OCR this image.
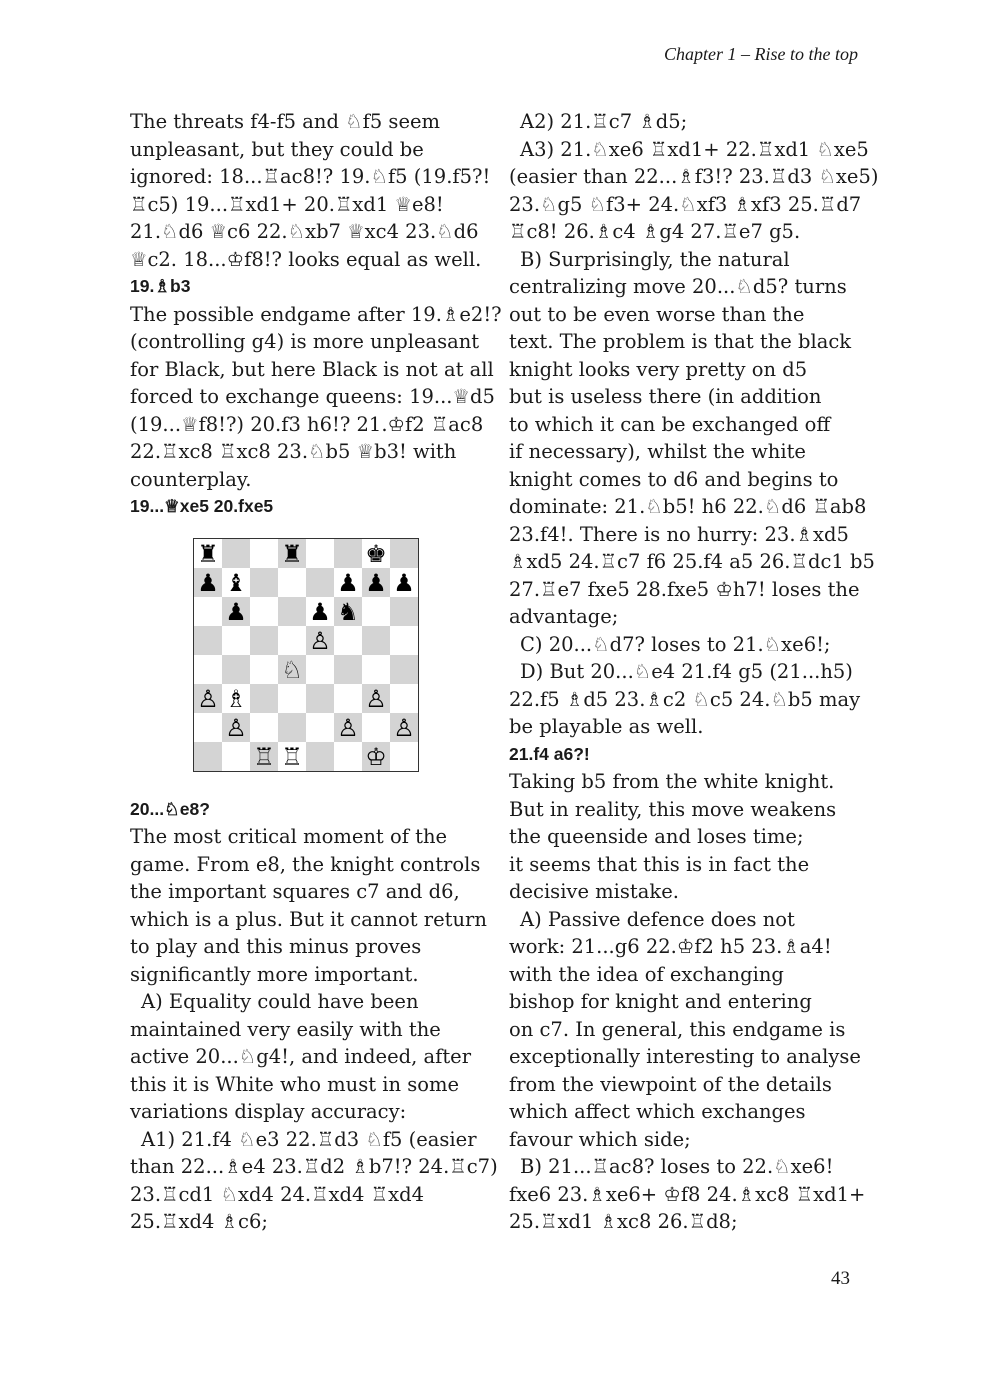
Chapter 1 – Rise to the top
The threats f4-f5 and ♘f5 seem
unpleasant, but they could be
ignored: 18...♖ac8!? 19.♘f5 (19.f5?!
♖c5) 19...♖xd1+ 20.♖xd1 ♕e8!
21.♘d6 ♕c6 22.♘xb7 ♕xc4 23.♘d6
♕c2. 18...♔f8!? looks equal as well.
19.♗b3
The possible endgame after 19.♗e2!?
(controlling g4) is more unpleasant
for Black, but here Black is not at all
forced to exchange queens: 19...♕d5
(19...♕f8!?) 20.f3 h6!? 21.♔f2 ♖ac8
22.♖xc8 ♖xc8 23.♘b5 ♕b3! with
counterplay.
19...♕xe5 20.fxe5
20...♘e8?
The most critical moment of the
game. From e8, the knight controls
the important squares c7 and d6,
which is a plus. But it cannot return
to play and this minus proves
significantly more important.
A) Equality could have been
maintained very easily with the
active 20...♘g4!, and indeed, after
this it is White who must in some
variations display accuracy:
A1) 21.f4 ♘e3 22.♖d3 ♘f5 (easier
than 22...♗e4 23.♖d2 ♗b7!? 24.♖c7)
23.♖cd1 ♘xd4 24.♖xd4 ♖xd4
25.♖xd4 ♗c6;
A2) 21.♖c7 ♗d5;
A3) 21.♘xe6 ♖xd1+ 22.♖xd1 ♘xe5
(easier than 22...♗f3!? 23.♖d3 ♘xe5)
23.♘g5 ♘f3+ 24.♘xf3 ♗xf3 25.♖d7
♖c8! 26.♗c4 ♗g4 27.♖e7 g5.
B) Surprisingly, the natural
centralizing move 20...♘d5? turns
out to be even worse than the
text. The problem is that the black
knight looks very pretty on d5
but is useless there (in addition
to which it can be exchanged off
if necessary), whilst the white
knight comes to d6 and begins to
dominate: 21.♘b5! h6 22.♘d6 ♖ab8
23.f4!. There is no hurry: 23.♗xd5
♗xd5 24.♖c7 f6 25.f4 a5 26.♖dc1 b5
27.♖e7 fxe5 28.fxe5 ♔h7! loses the
advantage;
C) 20...♘d7? loses to 21.♘xe6!;
D) But 20...♘e4 21.f4 g5 (21...h5)
22.f5 ♗d5 23.♗c2 ♘c5 24.♘b5 may
be playable as well.
21.f4 a6?!
Taking b5 from the white knight.
But in reality, this move weakens
the queenside and loses time;
it seems that this is in fact the
decisive mistake.
A) Passive defence does not
work: 21...g6 22.♔f2 h5 23.♗a4!
with the idea of exchanging
bishop for knight and entering
on c7. In general, this endgame is
exceptionally interesting to analyse
from the viewpoint of the details
which affect which exchanges
favour which side;
B) 21...♖ac8? loses to 22.♘xe6!
fxe6 23.♗xe6+ ♔f8 24.♗xc8 ♖xd1+
25.♖xd1 ♗xc8 26.♖d8;
♜	♜	♚
♟ ♝	♟ ♟ ♟
♟	♟ ♞
♙
♘
♙ ♗	♙
♙	♙ ♙
♖ ♖	♔
43
